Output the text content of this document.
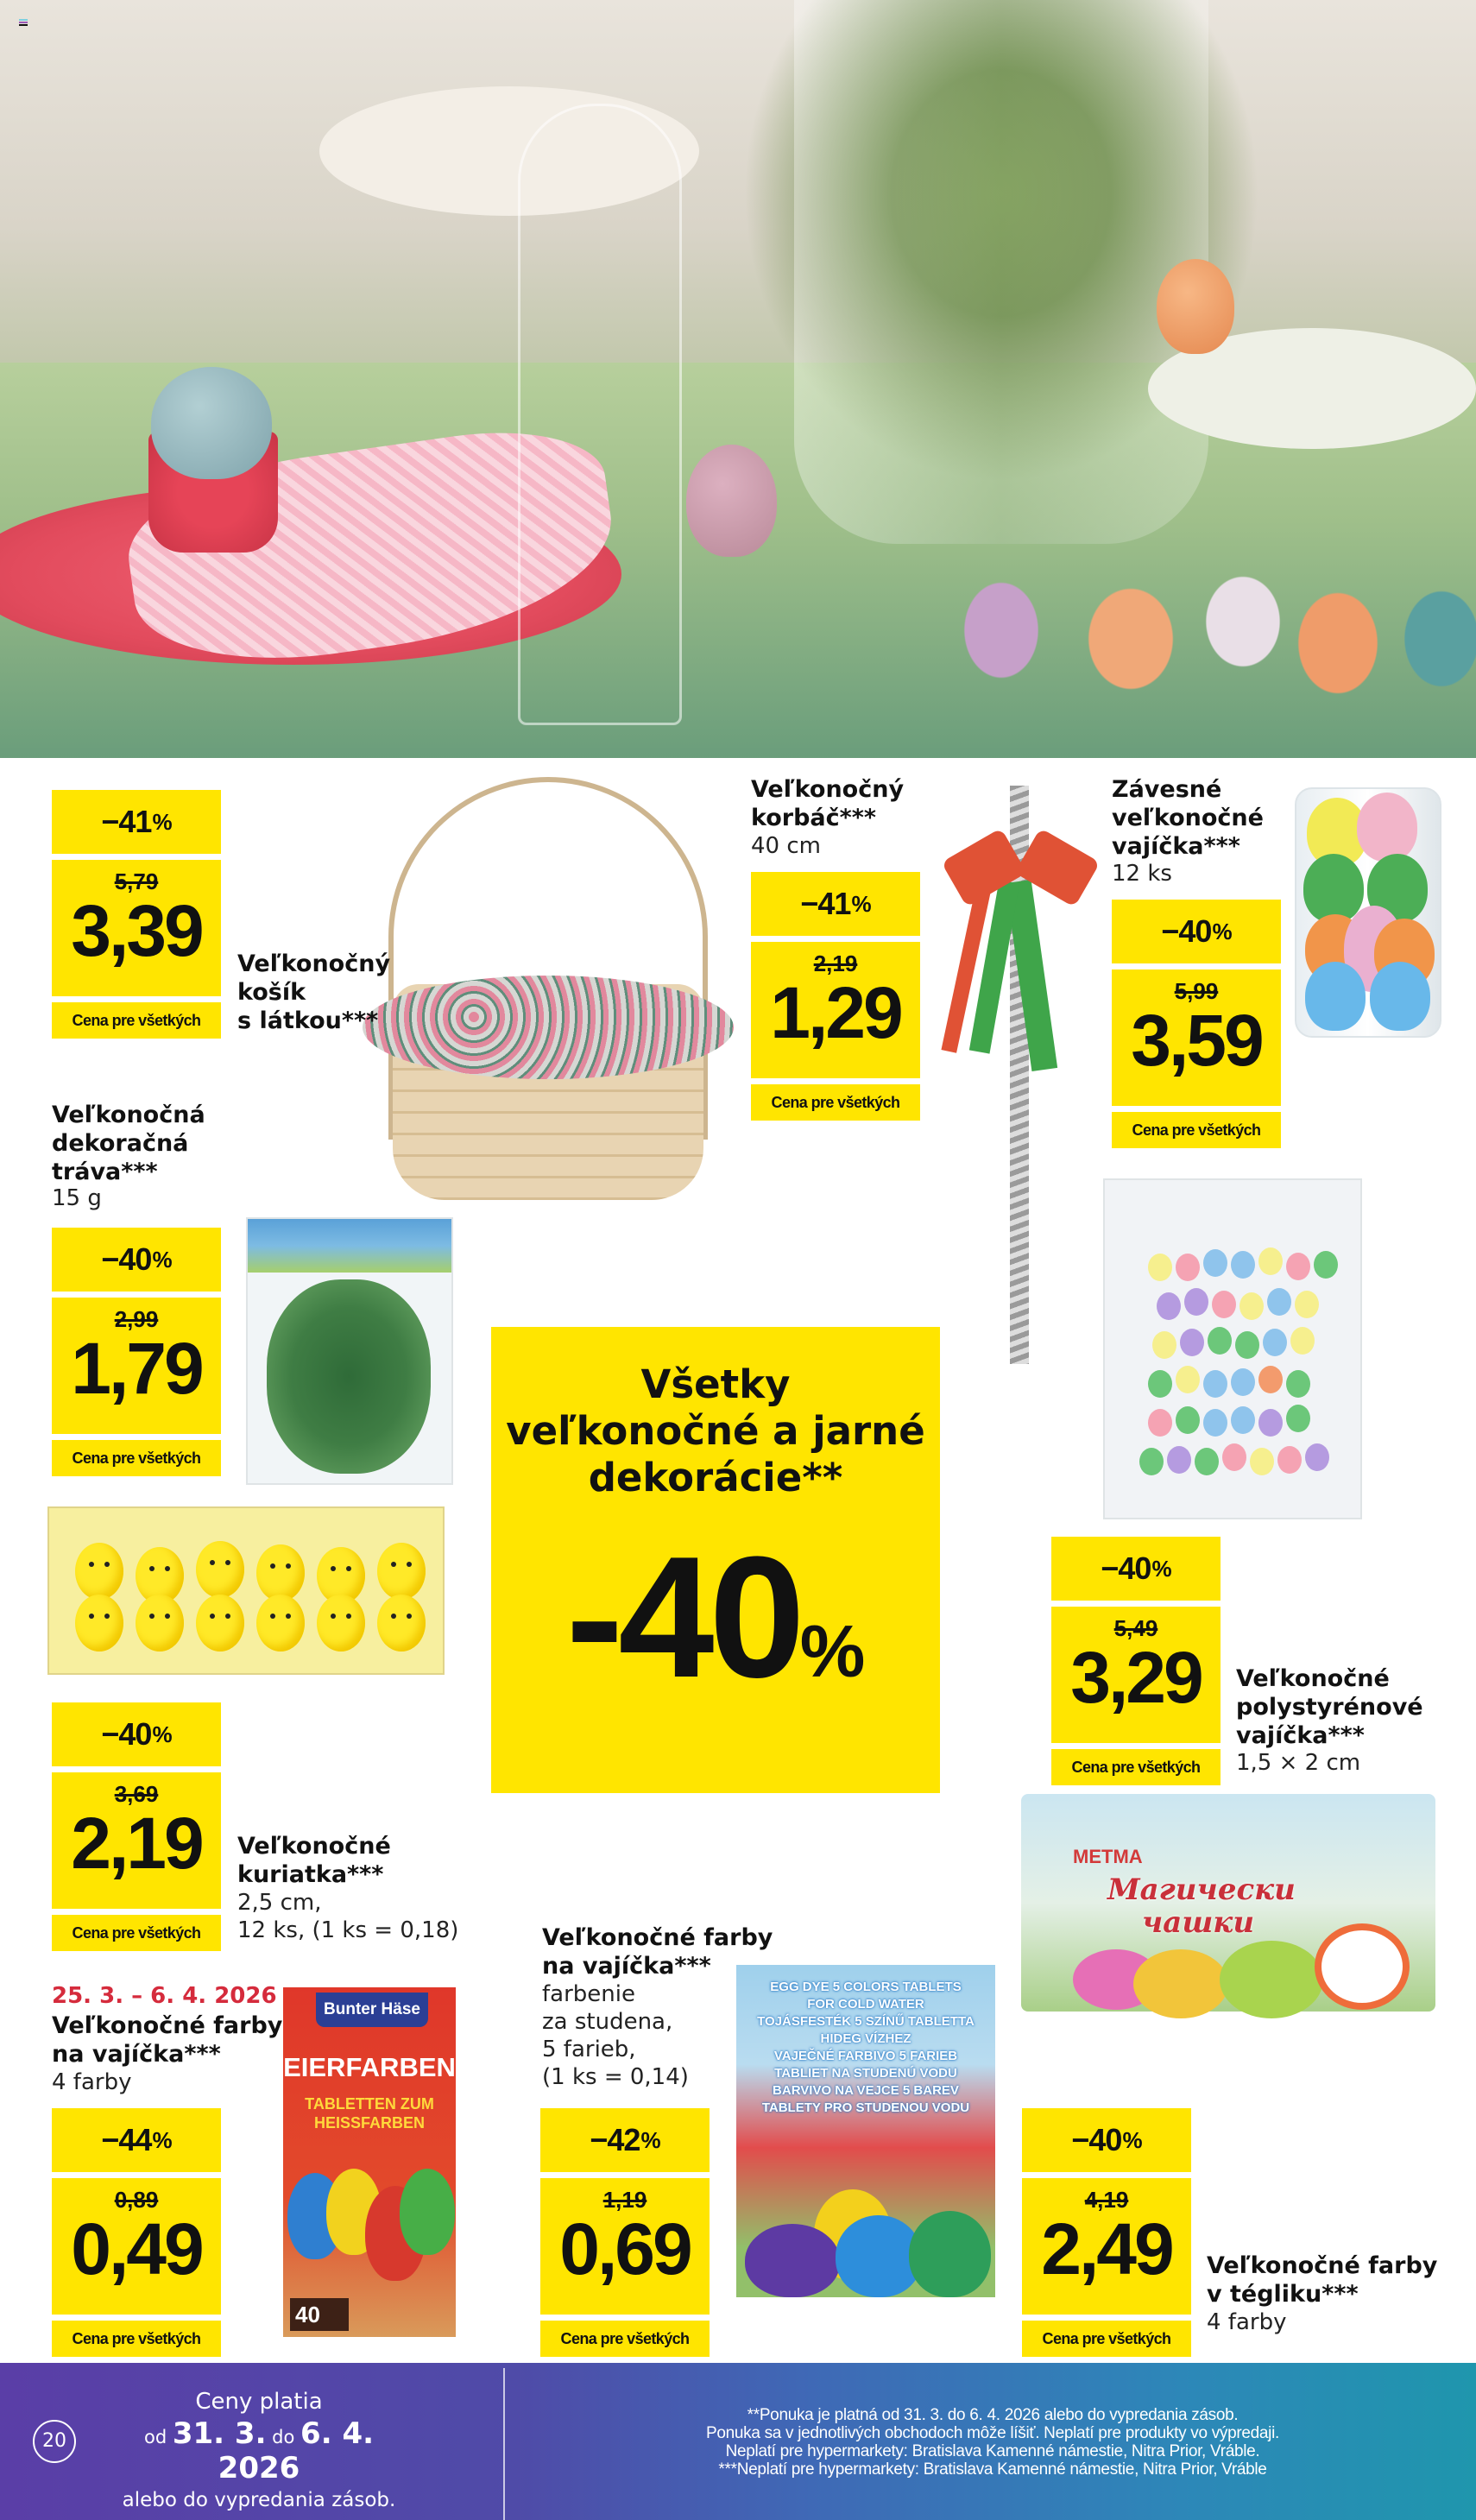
Bunter Häse
EIERFARBEN
TABLETTEN ZUM
HEISSFARBEN
40
EGG DYE 5 COLORS TABLETS
FOR COLD WATER
TOJÁSFESTÉK 5 SZÍNŰ TABLETTA
HIDEG VÍZHEZ
VAJEČNÉ FARBIVO 5 FARIEB
TABLIET NA STUDENÚ VODU
BARVIVO NA VEJCE 5 BAREV
TABLETY PRO STUDENOU VODU
METMA
Магически
чашки
−41 %
5,79
3,39
Cena pre všetkých
Veľkonočný
košík
s látkou***
Veľkonočný
korbáč***
40 cm
−41 %
2,19
1,29
Cena pre všetkých
Závesné
veľkonočné
vajíčka***
12 ks
−40 %
5,99
3,59
Cena pre všetkých
Veľkonočná
dekoračná
tráva***
15 g
−40 %
2,99
1,79
Cena pre všetkých
−40 %
5,49
3,29
Cena pre všetkých
Veľkonočné
polystyrénové
vajíčka***
1,5 × 2 cm
−40 %
3,69
2,19
Cena pre všetkých
Veľkonočné
kuriatka***
2,5 cm,
12 ks, (1 ks = 0,18)
25. 3. – 6. 4. 2026
Veľkonočné farby
na vajíčka***
4 farby
−44 %
0,89
0,49
Cena pre všetkých
Veľkonočné farby
na vajíčka***
farbenie
za studena,
5 farieb,
(1 ks = 0,14)
−42 %
1,19
0,69
Cena pre všetkých
−40 %
4,19
2,49
Cena pre všetkých
Veľkonočné farby
v tégliku***
4 farby
Všetky
veľkonočné a jarné
dekorácie**
-40%
20
Ceny platia
od 31. 3. do 6. 4. 2026
alebo do vypredania zásob.
**Ponuka je platná od 31. 3. do 6. 4. 2026 alebo do vypredania zásob.
Ponuka sa v jednotlivých obchodoch môže líšiť. Neplatí pre produkty vo výpredaji.
Neplatí pre hypermarkety: Bratislava Kamenné námestie, Nitra Prior, Vráble.
***Neplatí pre hypermarkety: Bratislava Kamenné námestie, Nitra Prior, Vráble
